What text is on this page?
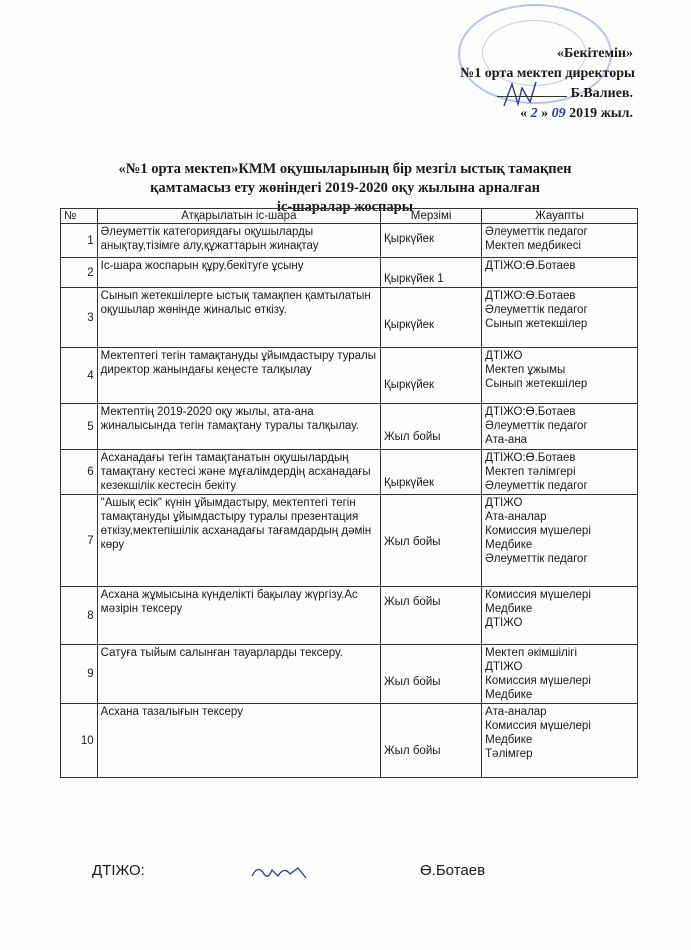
«Бекітемін»
№1 орта мектеп директоры
Б.Валиев.
« 2 » 09 2019 жыл.
«№1 орта мектеп»КММ оқушыларының бір мезгіл ыстық тамақпен
қамтамасыз ету жөніндегі 2019-2020 оқу жылына арналған
іс-шаралар жоспары
№	Атқарылатын іс-шара	Мерзімі	Жауапты
1	Әлеуметтік категориядағы оқушыларды анықтау,тізімге алу,құжаттарын жинақтау	Қыркүйек	Әлеуметтік педагог
Мектеп медбикесі
2	Іс-шара жоспарын құру,бекітуге ұсыну	Қыркүйек 1	ДТІЖО:Ө.Ботаев
3	Сынып жетекшілерге ыстық тамақпен қамтылатын оқушылар жөнінде жиналыс өткізу.	Қыркүйек	ДТІЖО:Ө.Ботаев
Әлеуметтік педагог
Сынып жетекшілер
4	Мектептегі тегін тамақтануды ұйымдастыру туралы директор жанындағы кеңесте талқылау	Қыркүйек	ДТІЖО
Мектеп ұжымы
Сынып жетекшілер
5	Мектептің 2019-2020 оқу жылы, ата-ана жиналысында тегін тамақтану туралы талқылау.	Жыл бойы	ДТІЖО:Ө.Ботаев
Әлеуметтік педагог
Ата-ана
6	Асханадағы тегін тамақтанатын оқушылардың тамақтану кестесі және мұғалімдердің асханадағы кезекшілік кестесін бекіту	Қыркүйек	ДТІЖО:Ө.Ботаев
Мектеп тәлімгері
Әлеуметтік педагог
7	"Ашық есік" күнін ұйымдастыру, мектептегі тегін тамақтануды ұйымдастыру туралы презентация өткізу,мектепішілік асханадағы тағамдардың дәмін көру	Жыл бойы	ДТІЖО
Ата-аналар
Комиссия мүшелері
Медбике
Әлеуметтік педагог
8	Асхана жұмысына күнделікті бақылау жүргізу.Ас мәзірін тексеру	Жыл бойы	Комиссия мүшелері
Медбике
ДТІЖО
9	Сатуға тыйым салынған тауарларды тексеру.	Жыл бойы	Мектеп әкімшілігі
ДТІЖО
Комиссия мүшелері
Медбике
10	Асхана тазалығын тексеру	Жыл бойы	Ата-аналар
Комиссия мүшелері
Медбике
Тәлімгер
ДТІЖО:	Ө.Ботаев
